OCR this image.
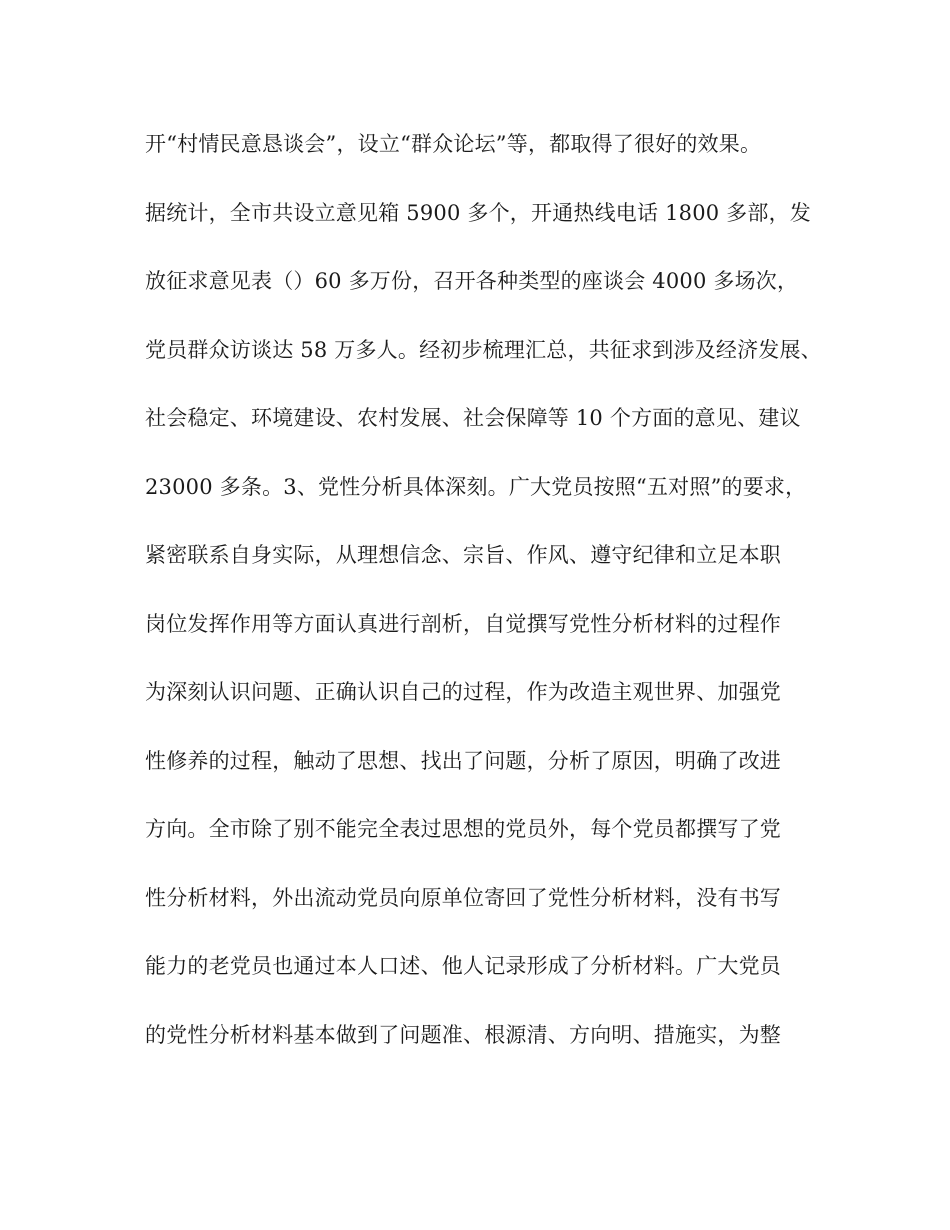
开“村情民意恳谈会”，设立“群众论坛”等，都取得了很好的效果。
据统计，全市共设立意见箱 5900 多个，开通热线电话 1800 多部，发
放征求意见表（）60 多万份，召开各种类型的座谈会 4000 多场次，
党员群众访谈达 58 万多人。经初步梳理汇总，共征求到涉及经济发展、
社会稳定、环境建设、农村发展、社会保障等 10 个方面的意见、建议
23000 多条。3、党性分析具体深刻。广大党员按照“五对照”的要求，
紧密联系自身实际，从理想信念、宗旨、作风、遵守纪律和立足本职
岗位发挥作用等方面认真进行剖析，自觉撰写党性分析材料的过程作
为深刻认识问题、正确认识自己的过程，作为改造主观世界、加强党
性修养的过程，触动了思想、找出了问题，分析了原因，明确了改进
方向。全市除了别不能完全表过思想的党员外，每个党员都撰写了党
性分析材料，外出流动党员向原单位寄回了党性分析材料，没有书写
能力的老党员也通过本人口述、他人记录形成了分析材料。广大党员
的党性分析材料基本做到了问题准、根源清、方向明、措施实，为整
